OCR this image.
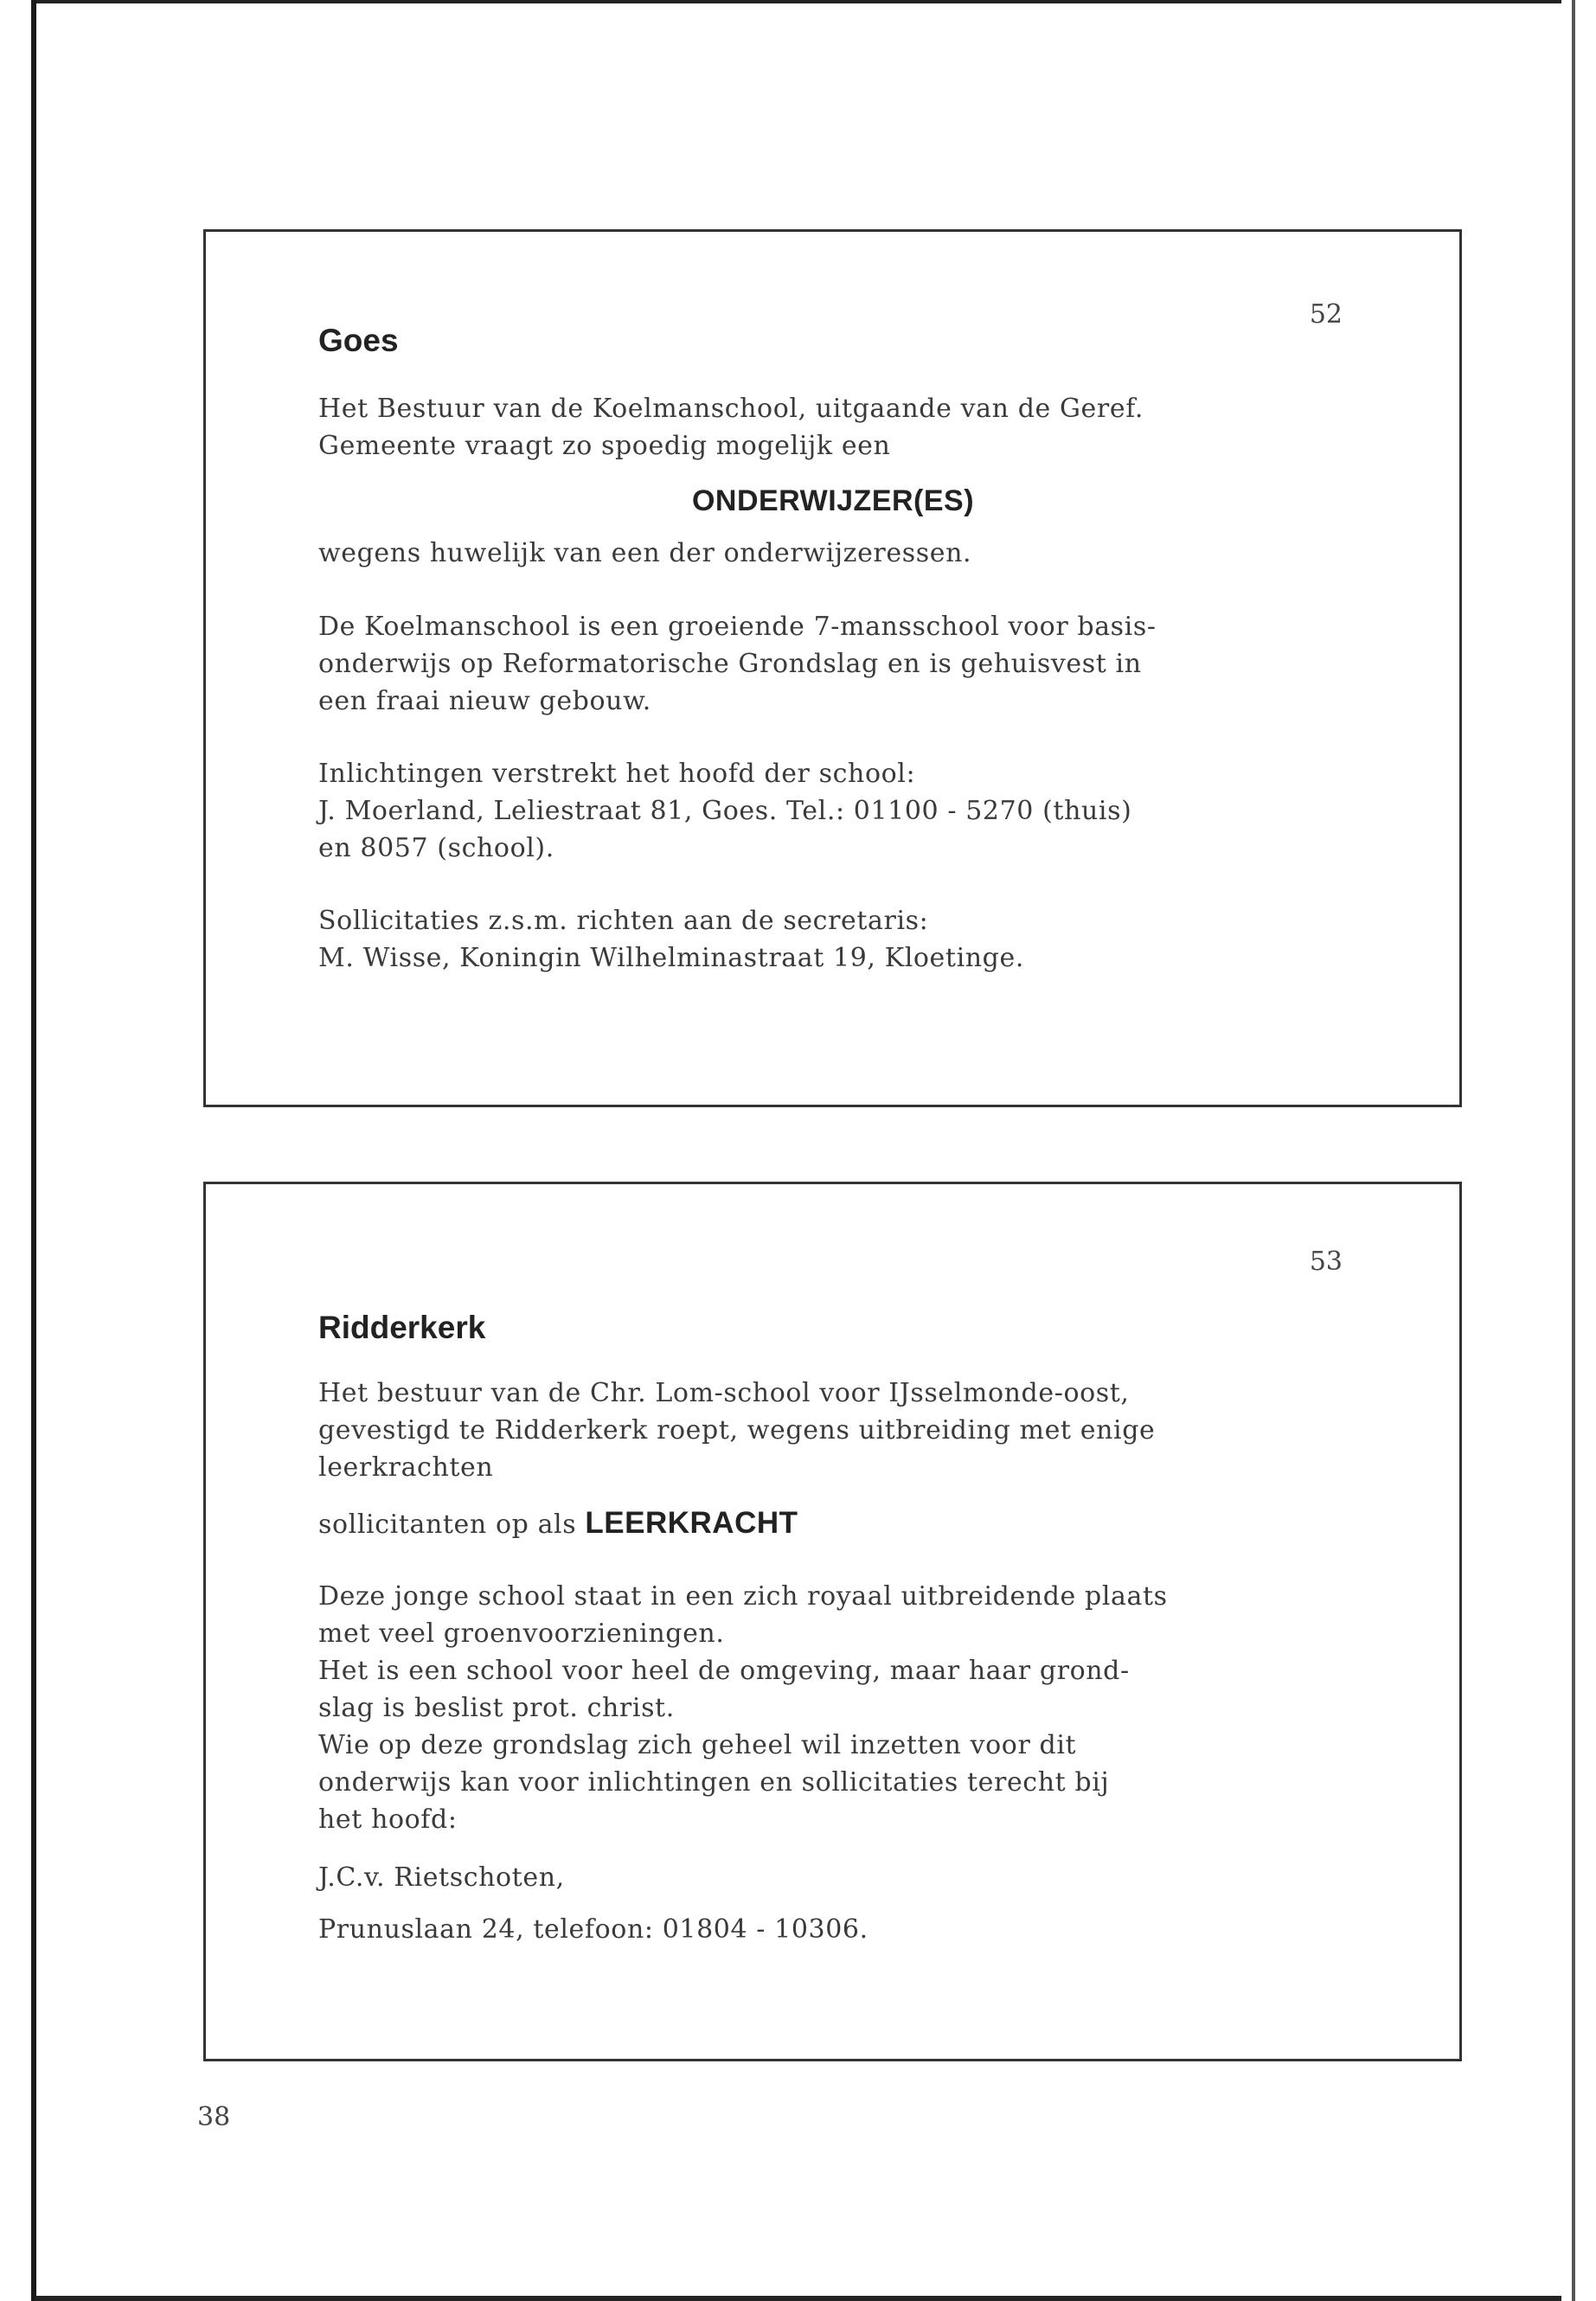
52
Goes
Het Bestuur van de Koelmanschool, uitgaande van de Geref.
Gemeente vraagt zo spoedig mogelijk een
ONDERWIJZER(ES)
wegens huwelijk van een der onderwijzeressen.
De Koelmanschool is een groeiende 7-mansschool voor basis-
onderwijs op Reformatorische Grondslag en is gehuisvest in
een fraai nieuw gebouw.
Inlichtingen verstrekt het hoofd der school:
J. Moerland, Leliestraat 81, Goes. Tel.: 01100 - 5270 (thuis)
en 8057 (school).
Sollicitaties z.s.m. richten aan de secretaris:
M. Wisse, Koningin Wilhelminastraat 19, Kloetinge.
53
Ridderkerk
Het bestuur van de Chr. Lom-school voor IJsselmonde-oost,
gevestigd te Ridderkerk roept, wegens uitbreiding met enige
leerkrachten
sollicitanten op als LEERKRACHT
Deze jonge school staat in een zich royaal uitbreidende plaats
met veel groenvoorzieningen.
Het is een school voor heel de omgeving, maar haar grond-
slag is beslist prot. christ.
Wie op deze grondslag zich geheel wil inzetten voor dit
onderwijs kan voor inlichtingen en sollicitaties terecht bij
het hoofd:
J.C.v. Rietschoten,
Prunuslaan 24, telefoon: 01804 - 10306.
38
